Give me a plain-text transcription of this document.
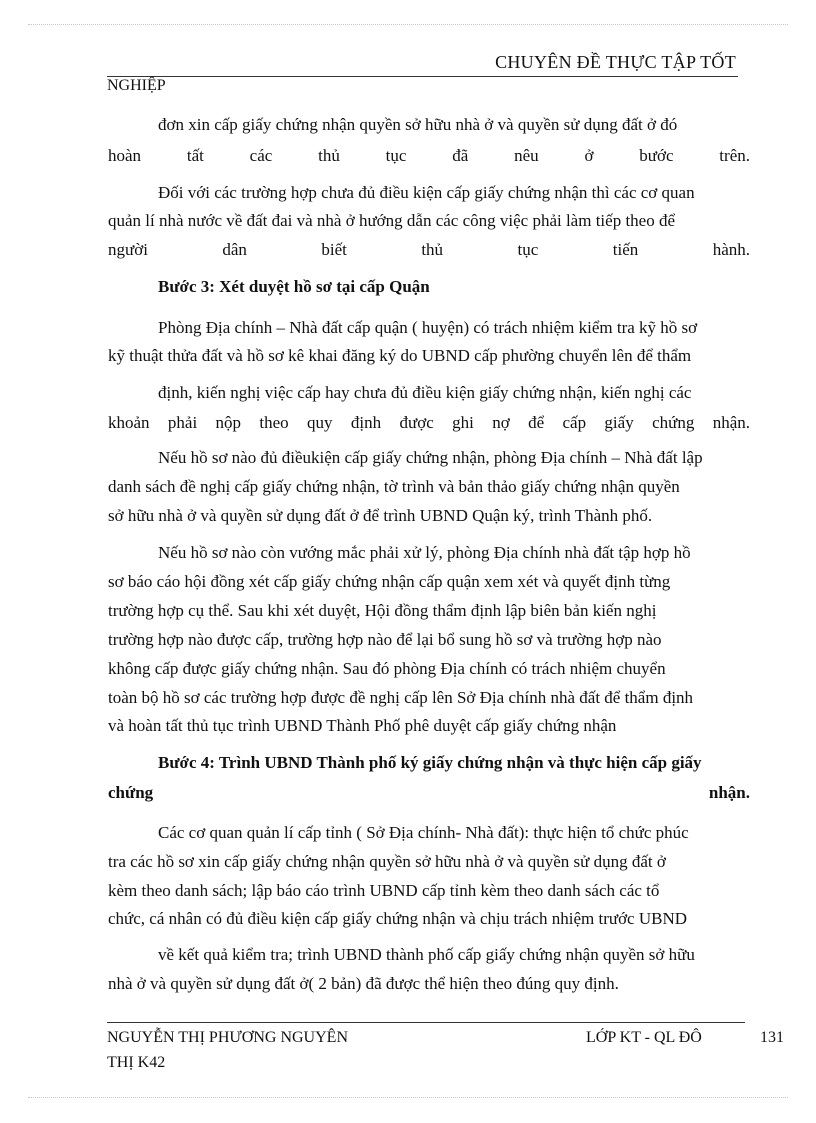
CHUYÊN ĐỀ THỰC TẬP TỐT
NGHIỆP
đơn xin cấp giấy chứng nhận quyền sở hữu nhà ở và quyền sử dụng đất ở đó
hoàn tất các thủ tục đã nêu ở bước trên.
Đối với các trường hợp chưa đủ điều kiện cấp giấy chứng nhận thì các cơ quan
quản lí nhà nước về đất đai và nhà ở hướng dẫn các công việc phải làm tiếp theo để
người dân biết thủ tục tiến hành.
Bước 3: Xét duyệt hồ sơ tại cấp Quận
Phòng Địa chính – Nhà đất cấp quận ( huyện) có trách nhiệm kiểm tra kỹ hồ sơ
kỹ thuật thửa đất và hồ sơ kê khai đăng ký do UBND cấp phường chuyển lên để thẩm
định, kiến nghị việc cấp hay chưa đủ điều kiện giấy chứng nhận, kiến nghị các
khoản phải nộp theo quy định được ghi nợ để cấp giấy chứng nhận.
Nếu hồ sơ nào đủ điềukiện cấp giấy chứng nhận, phòng Địa chính – Nhà đất lập
danh sách đề nghị cấp giấy chứng nhận, tờ trình và bản thảo giấy chứng nhận quyền
sở hữu nhà ở và quyền sử dụng đất ở để trình UBND Quận ký, trình Thành phố.
Nếu hồ sơ nào còn vướng mắc phải xử lý, phòng Địa chính nhà đất tập hợp hồ
sơ báo cáo hội đồng xét cấp giấy chứng nhận cấp quận xem xét và quyết định từng
trường hợp cụ thể. Sau khi xét duyệt, Hội đồng thẩm định lập biên bản kiến nghị
trường hợp nào được cấp, trường hợp nào để lại bổ sung hồ sơ và trường hợp nào
không cấp được giấy chứng nhận. Sau đó phòng Địa chính có trách nhiệm chuyển
toàn bộ hồ sơ các trường hợp được đề nghị cấp lên Sở Địa chính nhà đất để thẩm định
và hoàn tất thủ tục trình UBND Thành Phố phê duyệt cấp giấy chứng nhận
Bước 4: Trình UBND Thành phố ký giấy chứng nhận và thực hiện cấp giấy
chứng nhận.
Các cơ quan quản lí cấp tỉnh ( Sở Địa chính- Nhà đất): thực hiện tổ chức phúc
tra các hồ sơ xin cấp giấy chứng nhận quyền sở hữu nhà ở và quyền sử dụng đất ở
kèm theo danh sách; lập báo cáo trình UBND cấp tỉnh kèm theo danh sách các tổ
chức, cá nhân có đủ điều kiện cấp giấy chứng nhận và chịu trách nhiệm trước UBND
về kết quả kiểm tra; trình UBND thành phố cấp giấy chứng nhận quyền sở hữu
nhà ở và quyền sử dụng đất ở( 2 bản) đã được thể hiện theo đúng quy định.
NGUYỄN THỊ PHƯƠNG NGUYÊN
THỊ K42
LỚP KT - QL ĐÔ	131
